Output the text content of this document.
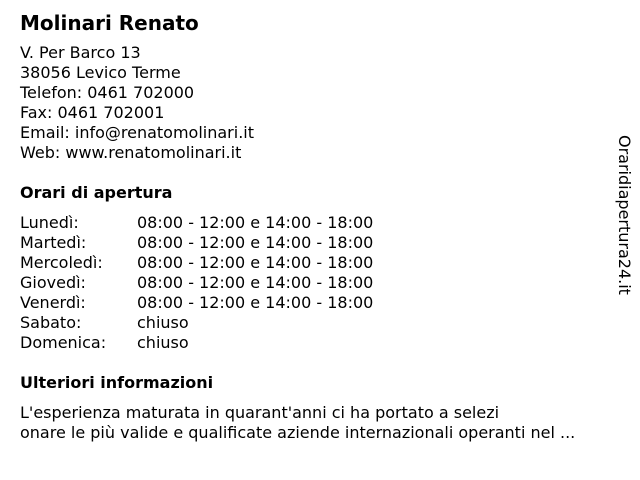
Molinari Renato
V. Per Barco 13
38056 Levico Terme
Telefon: 0461 702000
Fax: 0461 702001
Email: info@renatomolinari.it
Web: www.renatomolinari.it
Orari di apertura
Lunedì:	08:00 - 12:00 e 14:00 - 18:00
Martedì:	08:00 - 12:00 e 14:00 - 18:00
Mercoledì:	08:00 - 12:00 e 14:00 - 18:00
Giovedì:	08:00 - 12:00 e 14:00 - 18:00
Venerdì:	08:00 - 12:00 e 14:00 - 18:00
Sabato:	chiuso
Domenica:	chiuso
Ulteriori informazioni
L'esperienza maturata in quarant'anni ci ha portato a selezi
onare le più valide e qualificate aziende internazionali operanti nel ...
Oraridiapertura24.it
